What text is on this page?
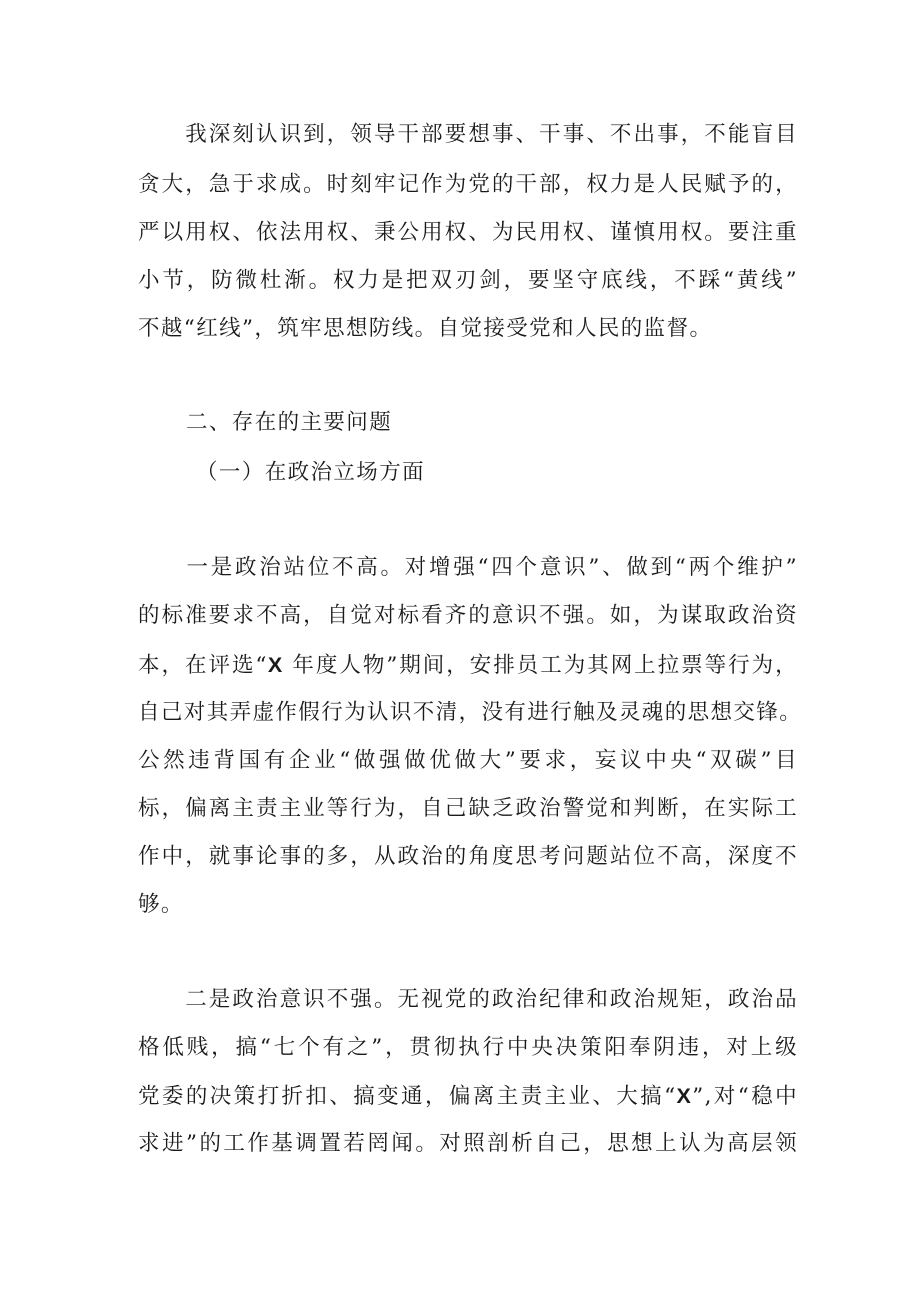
　　我深刻认识到，领导干部要想事、干事、不出事，不能盲目
贪大，急于求成。时刻牢记作为党的干部，权力是人民赋予的，
严以用权、依法用权、秉公用权、为民用权、谨慎用权。要注重
小节，防微杜渐。权力是把双刃剑，要坚守底线，不踩“黄线”
不越“红线”，筑牢思想防线。自觉接受党和人民的监督。
二、存在的主要问题
（一）在政治立场方面
　　一是政治站位不高。对增强“四个意识”、做到“两个维护”
的标准要求不高，自觉对标看齐的意识不强。如，为谋取政治资
本，在评选“X 年度人物”期间，安排员工为其网上拉票等行为，
自己对其弄虚作假行为认识不清，没有进行触及灵魂的思想交锋。
公然违背国有企业“做强做优做大”要求，妄议中央“双碳”目
标，偏离主责主业等行为，自己缺乏政治警觉和判断，在实际工
作中，就事论事的多，从政治的角度思考问题站位不高，深度不
够。
　　二是政治意识不强。无视党的政治纪律和政治规矩，政治品
格低贱，搞“七个有之”，贯彻执行中央决策阳奉阴违，对上级
党委的决策打折扣、搞变通，偏离主责主业、大搞“X”,对“稳中
求进”的工作基调置若罔闻。对照剖析自己，思想上认为高层领
